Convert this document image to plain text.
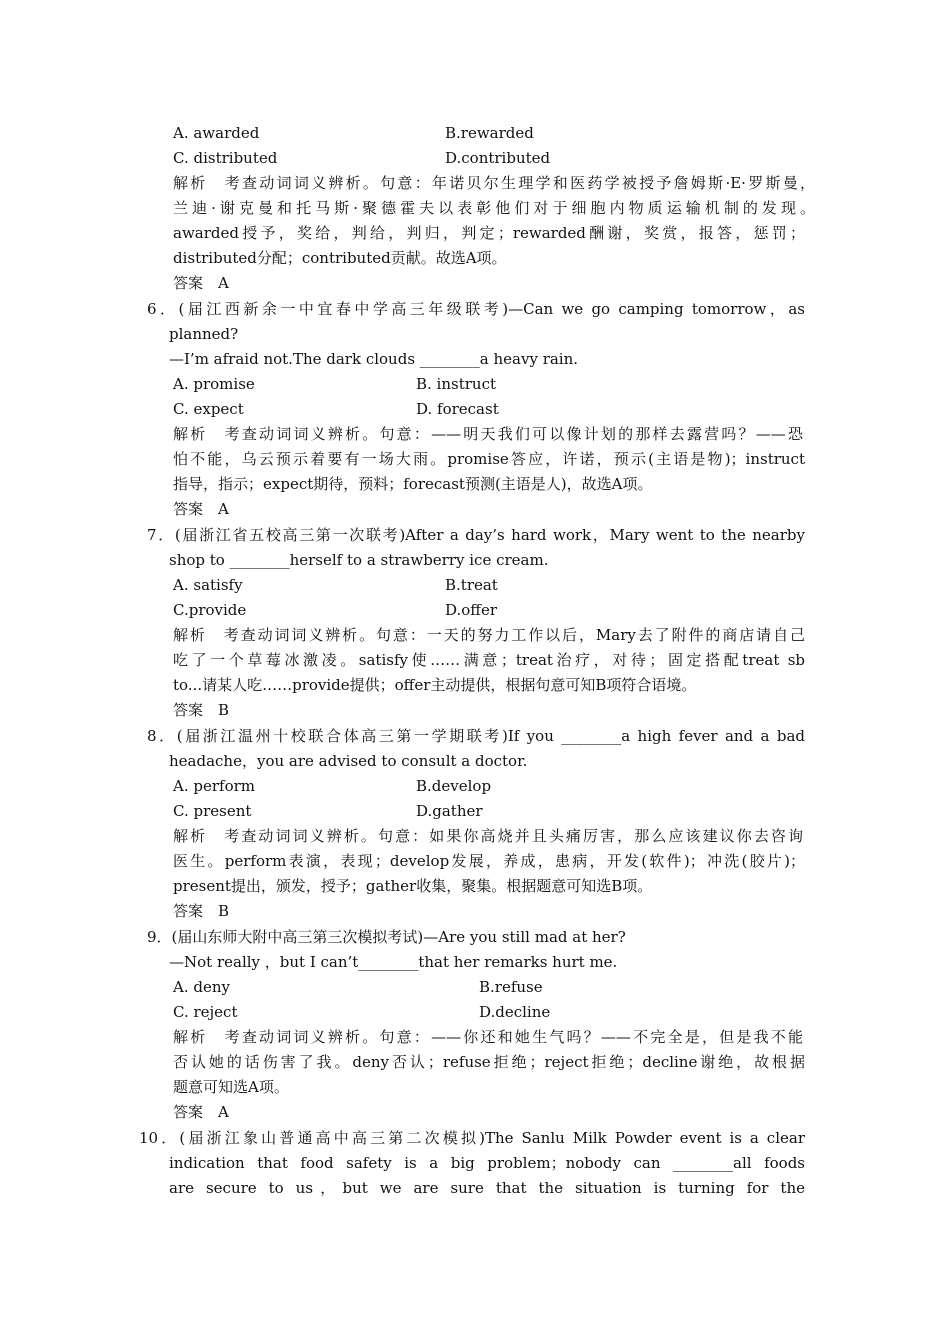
A. awarded	B.rewarded
C. distributed	D.contributed
解析　考查动词词义辨析。句意：年诺贝尔生理学和医药学被授予詹姆斯·E·罗斯曼，
兰迪·谢克曼和托马斯·聚德霍夫以表彰他们对于细胞内物质运输机制的发现。
awarded授予，奖给，判给，判归，判定；rewarded酬谢，奖赏，报答，惩罚；
distributed分配；contributed贡献。故选A项。
答案　A
6．(届江西新余一中宜春中学高三年级联考)—Can we go camping tomorrow，as
planned?
—I’m afraid not.The dark clouds ________a heavy rain.
A. promise	B. instruct
C. expect	D. forecast
解析　考查动词词义辨析。句意：——明天我们可以像计划的那样去露营吗？——恐
怕不能，乌云预示着要有一场大雨。promise答应，许诺，预示(主语是物)；instruct
指导，指示；expect期待，预料；forecast预测(主语是人)，故选A项。
答案　A
7．(届浙江省五校高三第一次联考)After a day’s hard work，Mary went to the nearby
shop to ________herself to a strawberry ice cream.
A. satisfy	B.treat
C.provide	D.offer
解析　考查动词词义辨析。句意：一天的努力工作以后，Mary去了附件的商店请自己
吃了一个草莓冰激凌。satisfy使……满意；treat治疗，对待；固定搭配treat sb
to...请某人吃……provide提供；offer主动提供，根据句意可知B项符合语境。
答案　B
8．(届浙江温州十校联合体高三第一学期联考)If you ________a high fever and a bad
headache，you are advised to consult a doctor.
A. perform	B.develop
C. present	D.gather
解析　考查动词词义辨析。句意：如果你高烧并且头痛厉害，那么应该建议你去咨询
医生。perform表演，表现；develop发展，养成，患病，开发(软件)；冲洗(胶片)；
present提出，颁发，授予；gather收集，聚集。根据题意可知选B项。
答案　B
9．(届山东师大附中高三第三次模拟考试)—Are you still mad at her?
—Not really ，but I can’t________that her remarks hurt me.
A. deny	B.refuse
C. reject	D.decline
解析　考查动词词义辨析。句意：——你还和她生气吗？——不完全是，但是我不能
否认她的话伤害了我。deny否认；refuse拒绝；reject拒绝；decline谢绝，故根据
题意可知选A项。
答案　A
10．(届浙江象山普通高中高三第二次模拟)The Sanlu Milk Powder event is a clear
indication that food safety is a big problem；nobody can ________all foods
are secure to us，but we are sure that the situation is turning for the
